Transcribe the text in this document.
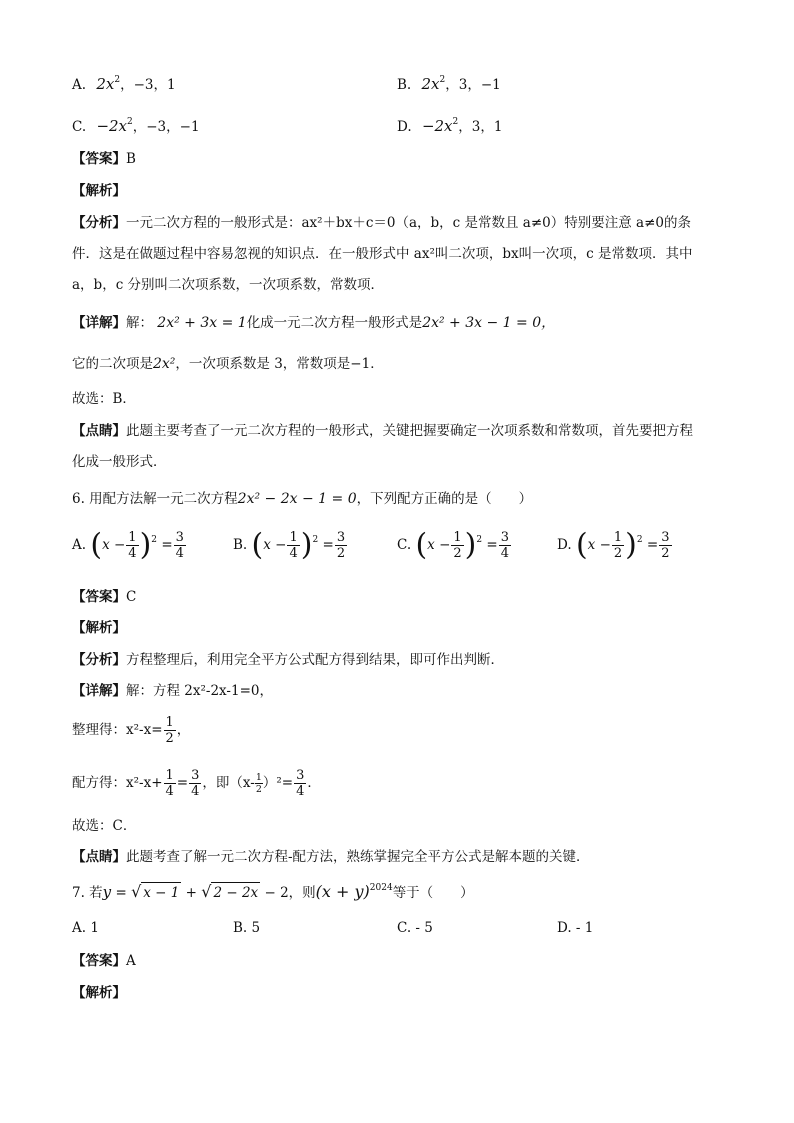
A. $2x^2$，−3，1	B. $2x^2$，3，−1
C. $-2x^2$，−3，−1	D. $-2x^2$，3，1
【答案】B
【解析】
【分析】一元二次方程的一般形式是：ax²＋bx＋c＝0（a，b，c 是常数且 a≠0）特别要注意 a≠0的条
件．这是在做题过程中容易忽视的知识点．在一般形式中 ax²叫二次项，bx叫一次项，c 是常数项．其中
a，b，c 分别叫二次项系数，一次项系数，常数项．
【详解】解： 2x² + 3x = 1化成一元二次方程一般形式是2x² + 3x − 1 = 0，
它的二次项是2x²，一次项系数是 3，常数项是−1．
故选：B．
【点睛】此题主要考查了一元二次方程的一般形式，关键把握要确定一次项系数和常数项，首先要把方程
化成一般形式．
6. 用配方法解一元二次方程2x² − 2x − 1 = 0，下列配方正确的是（　　）
A. $(x - \frac{1}{4} )^2 = \frac{3}{4}$	B. $(x - \frac{1}{4} )^2 = \frac{3}{2}$	C. $(x - \frac{1}{2} )^2 = \frac{3}{4}$	D. $(x - \frac{1}{2} )^2 = \frac{3}{2}$
【答案】C
【解析】
【分析】方程整理后，利用完全平方公式配方得到结果，即可作出判断．
【详解】解：方程 2x²-2x-1=0，
整理得：$x^2-x= \frac{1}{2}$ ，
配方得：$x^2-x+ \frac{1}{4} = \frac{3}{4}$ ，即$(x- \frac{1}{2} )^2= \frac{3}{4}$ ．
故选：C．
【点睛】此题考查了解一元二次方程-配方法，熟练掌握完全平方公式是解本题的关键．
7. 若y = √ x − 1 + √ 2 − 2x − 2，则$(x + y)^{2024}$等于（　　）
A. 1	B. 5	C. - 5	D. - 1
【答案】A
【解析】
